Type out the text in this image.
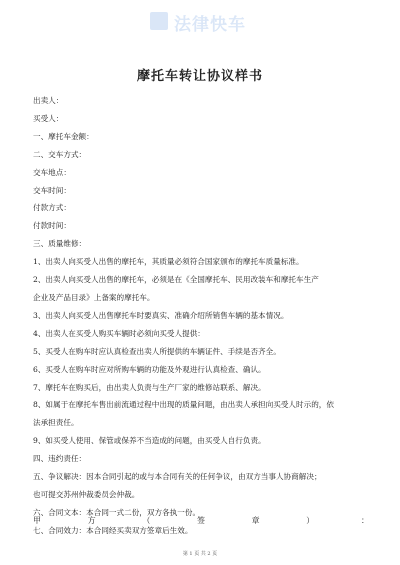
法律快车
摩托车转让协议样书
出卖人：
买受人：
一、摩托车金额：
二、交车方式：
交车地点：
交车时间：
付款方式：
付款时间：
三、质量维修：
1、出卖人向买受人出售的摩托车，其质量必须符合国家颁布的摩托车质量标准。
2、出卖人向买受人出售的摩托车，必须是在《全国摩托车、民用改装车和摩托车生产
企业及产品目录》上备案的摩托车。
3、出卖人向买受人出售摩托车时要真实、准确介绍所销售车辆的基本情况。
4、出卖人在买受人购买车辆时必须向买受人提供：
5、买受人在购车时应认真检查出卖人所提供的车辆证件、手续是否齐全。
6、买受人在购车时应对所购车辆的功能及外观进行认真检查、确认。
7、摩托车在购买后，由出卖人负责与生产厂家的维修站联系、解决。
8、如属于在摩托车售出前流通过程中出现的质量问题，由出卖人承担向买受人时示的，依
法承担责任。
9、如买受人使用、保管或保养不当造成的问题，由买受人自行负责。
四、违约责任：
五、争议解决：因本合同引起的或与本合同有关的任何争议，由双方当事人协商解决；
也可提交苏州仲裁委员会仲裁。
六、合同文本：本合同一式二份，双方各执一份。
七、合同效力：本合同经买卖双方签章后生效。
甲	方	（	签	章	）	：
第 1 页 共 2 页
